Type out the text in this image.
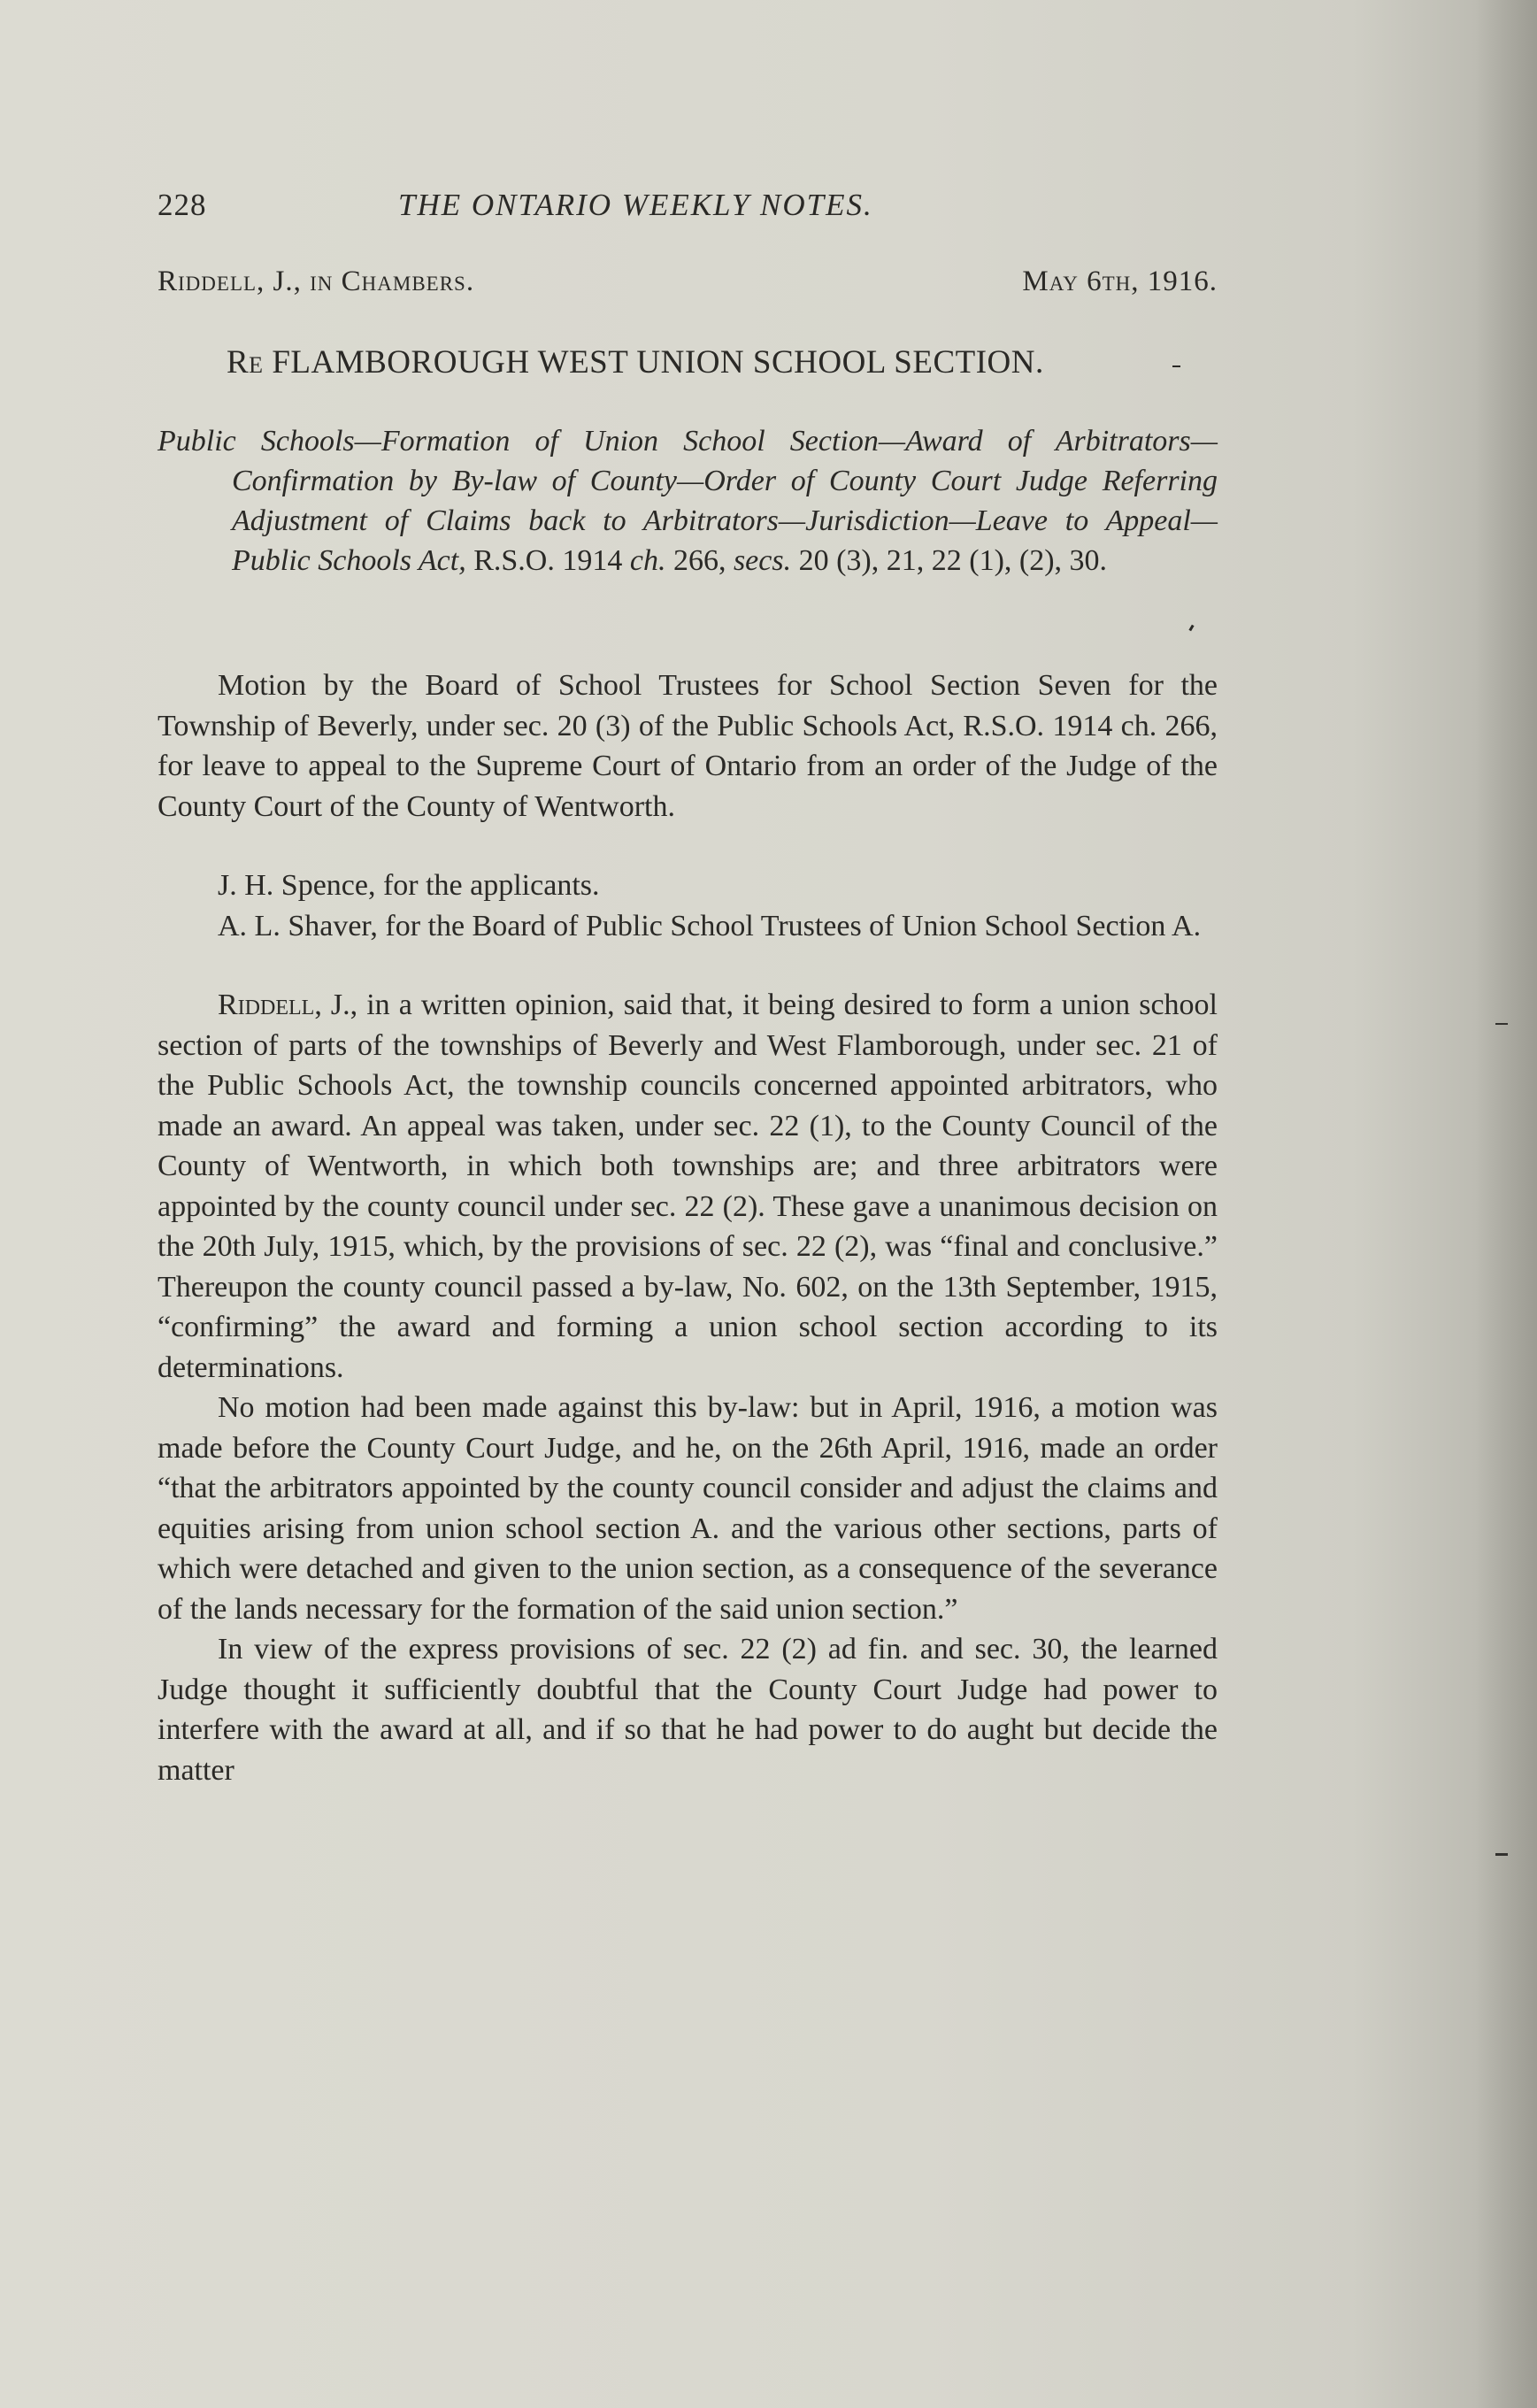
228	THE ONTARIO WEEKLY NOTES.
Riddell, J., in Chambers.	May 6th, 1916.
Re FLAMBOROUGH WEST UNION SCHOOL SECTION.
Public Schools—Formation of Union School Section—Award of Arbitrators—Confirmation by By-law of County—Order of County Court Judge Referring Adjustment of Claims back to Arbitrators—Jurisdiction—Leave to Appeal—Public Schools Act, R.S.O. 1914 ch. 266, secs. 20 (3), 21, 22 (1), (2), 30.

Motion by the Board of School Trustees for School Section Seven for the Township of Beverly, under sec. 20 (3) of the Public Schools Act, R.S.O. 1914 ch. 266, for leave to appeal to the Supreme Court of Ontario from an order of the Judge of the County Court of the County of Wentworth.

J. H. Spence, for the applicants.

A. L. Shaver, for the Board of Public School Trustees of Union School Section A.

Riddell, J., in a written opinion, said that, it being desired to form a union school section of parts of the townships of Beverly and West Flamborough, under sec. 21 of the Public Schools Act, the township councils concerned appointed arbitrators, who made an award. An appeal was taken, under sec. 22 (1), to the County Council of the County of Wentworth, in which both townships are; and three arbitrators were appointed by the county council under sec. 22 (2). These gave a unanimous decision on the 20th July, 1915, which, by the provisions of sec. 22 (2), was “final and conclusive.” Thereupon the county council passed a by-law, No. 602, on the 13th September, 1915, “confirming” the award and forming a union school section according to its determinations.

No motion had been made against this by-law: but in April, 1916, a motion was made before the County Court Judge, and he, on the 26th April, 1916, made an order “that the arbitrators appointed by the county council consider and adjust the claims and equities arising from union school section A. and the various other sections, parts of which were detached and given to the union section, as a consequence of the severance of the lands necessary for the formation of the said union section.”

In view of the express provisions of sec. 22 (2) ad fin. and sec. 30, the learned Judge thought it sufficiently doubtful that the County Court Judge had power to interfere with the award at all, and if so that he had power to do aught but decide the matter
